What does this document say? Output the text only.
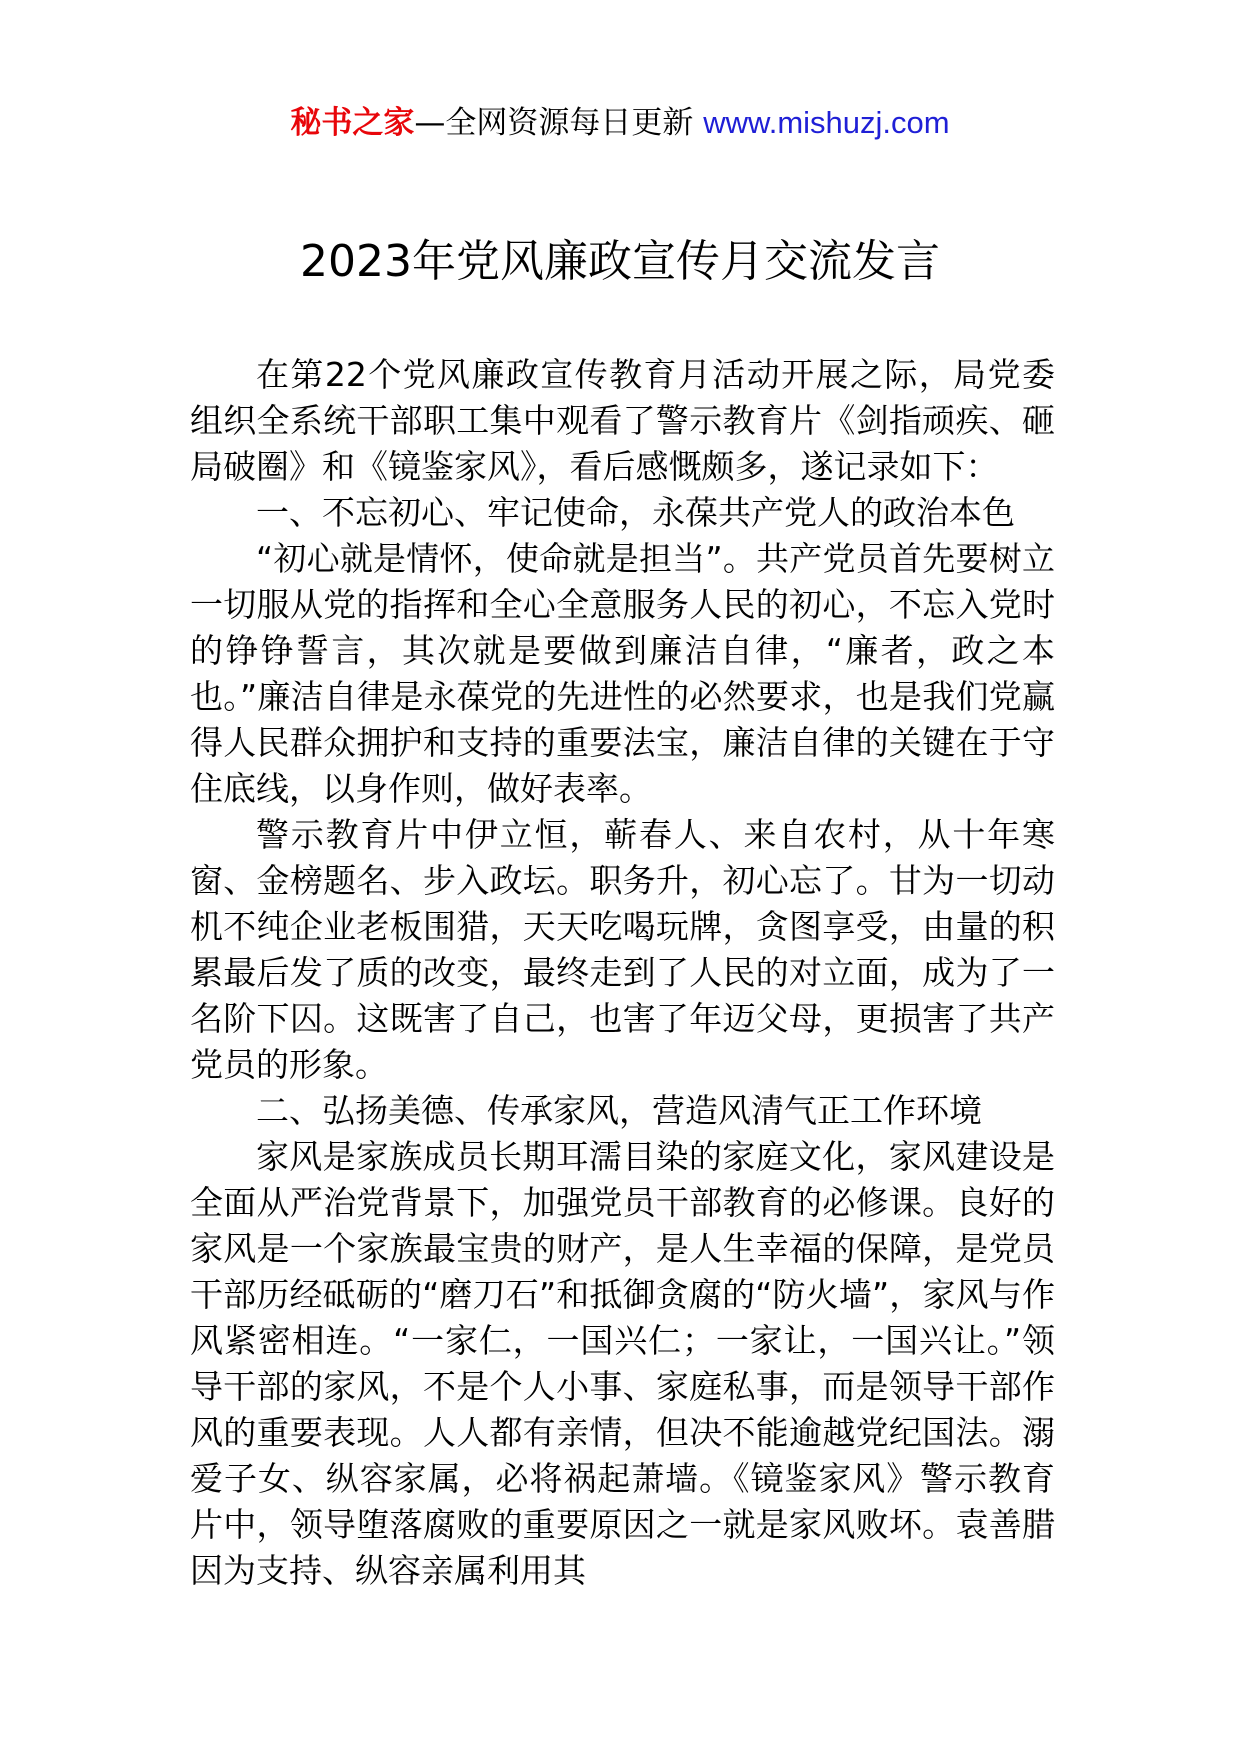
秘书之家—全网资源每日更新 www.mishuzj.com
2023年党风廉政宣传月交流发言

在第22个党风廉政宣传教育月活动开展之际，局党委组织全系统干部职工集中观看了警示教育片《剑指顽疾、砸局破圈》和《镜鉴家风》，看后感慨颇多，遂记录如下：

一、不忘初心、牢记使命，永葆共产党人的政治本色

“初心就是情怀，使命就是担当”。共产党员首先要树立一切服从党的指挥和全心全意服务人民的初心，不忘入党时的铮铮誓言，其次就是要做到廉洁自律，“廉者，政之本也。”廉洁自律是永葆党的先进性的必然要求，也是我们党赢得人民群众拥护和支持的重要法宝，廉洁自律的关键在于守住底线，以身作则，做好表率。

警示教育片中伊立恒，蕲春人、来自农村，从十年寒窗、金榜题名、步入政坛。职务升，初心忘了。甘为一切动机不纯企业老板围猎，天天吃喝玩牌，贪图享受，由量的积累最后发了质的改变，最终走到了人民的对立面，成为了一名阶下囚。这既害了自己，也害了年迈父母，更损害了共产党员的形象。

二、弘扬美德、传承家风，营造风清气正工作环境

家风是家族成员长期耳濡目染的家庭文化，家风建设是全面从严治党背景下，加强党员干部教育的必修课。良好的家风是一个家族最宝贵的财产，是人生幸福的保障，是党员干部历经砥砺的“磨刀石”和抵御贪腐的“防火墙”，家风与作风紧密相连。“一家仁，一国兴仁；一家让，一国兴让。”领导干部的家风，不是个人小事、家庭私事，而是领导干部作风的重要表现。人人都有亲情，但决不能逾越党纪国法。溺爱子女、纵容家属，必将祸起萧墙。《镜鉴家风》警示教育片中，领导堕落腐败的重要原因之一就是家风败坏。袁善腊因为支持、纵容亲属利用其
